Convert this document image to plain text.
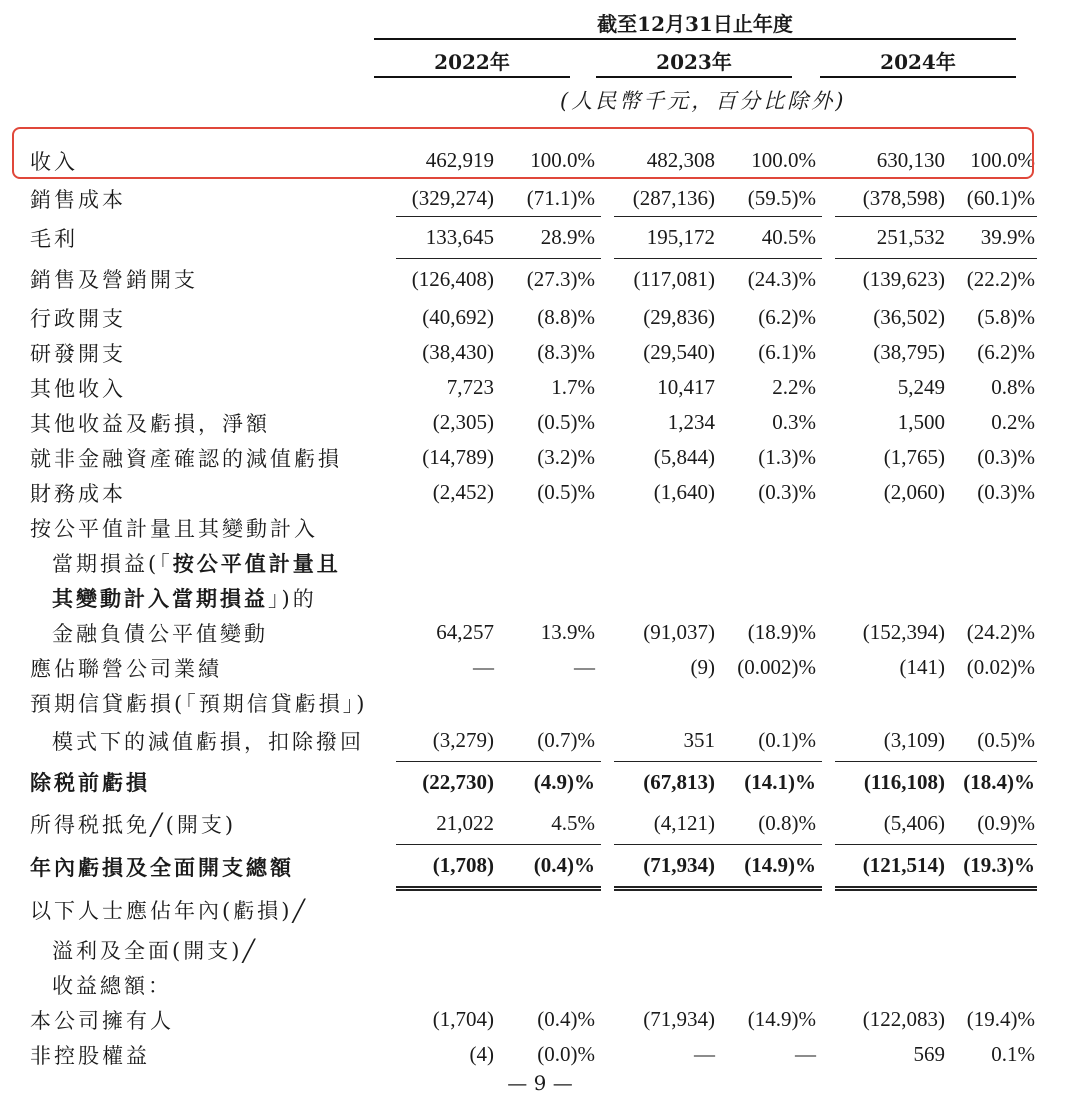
截至12月31日止年度
2022年	2023年	2024年
(人民幣千元，百分比除外)
收入	462,919	100.0%		482,308	100.0%		630,130	100.0%
銷售成本	(329,274)	(71.1)%		(287,136)	(59.5)%		(378,598)	(60.1)%
毛利	133,645	28.9%		195,172	40.5%		251,532	39.9%
銷售及營銷開支	(126,408)	(27.3)%		(117,081)	(24.3)%		(139,623)	(22.2)%
行政開支	(40,692)	(8.8)%		(29,836)	(6.2)%		(36,502)	(5.8)%
研發開支	(38,430)	(8.3)%		(29,540)	(6.1)%		(38,795)	(6.2)%
其他收入	7,723	1.7%		10,417	2.2%		5,249	0.8%
其他收益及虧損，淨額	(2,305)	(0.5)%		1,234	0.3%		1,500	0.2%
就非金融資產確認的減值虧損	(14,789)	(3.2)%		(5,844)	(1.3)%		(1,765)	(0.3)%
財務成本	(2,452)	(0.5)%		(1,640)	(0.3)%		(2,060)	(0.3)%
按公平值計量且其變動計入								
當期損益(「按公平值計量且								
其變動計入當期損益」)的								
金融負債公平值變動	64,257	13.9%		(91,037)	(18.9)%		(152,394)	(24.2)%
應佔聯營公司業績	—	—		(9)	(0.002)%		(141)	(0.02)%
預期信貸虧損(「預期信貸虧損」)								
模式下的減值虧損，扣除撥回	(3,279)	(0.7)%		351	(0.1)%		(3,109)	(0.5)%
除税前虧損	(22,730)	(4.9)%		(67,813)	(14.1)%		(116,108)	(18.4)%
所得税抵免╱(開支)	21,022	4.5%		(4,121)	(0.8)%		(5,406)	(0.9)%
年內虧損及全面開支總額	(1,708)	(0.4)%		(71,934)	(14.9)%		(121,514)	(19.3)%
以下人士應佔年內(虧損)╱								
溢利及全面(開支)╱								
收益總額：								
本公司擁有人	(1,704)	(0.4)%		(71,934)	(14.9)%		(122,083)	(19.4)%
非控股權益	(4)	(0.0)%		—	—		569	0.1%
— 9 —
